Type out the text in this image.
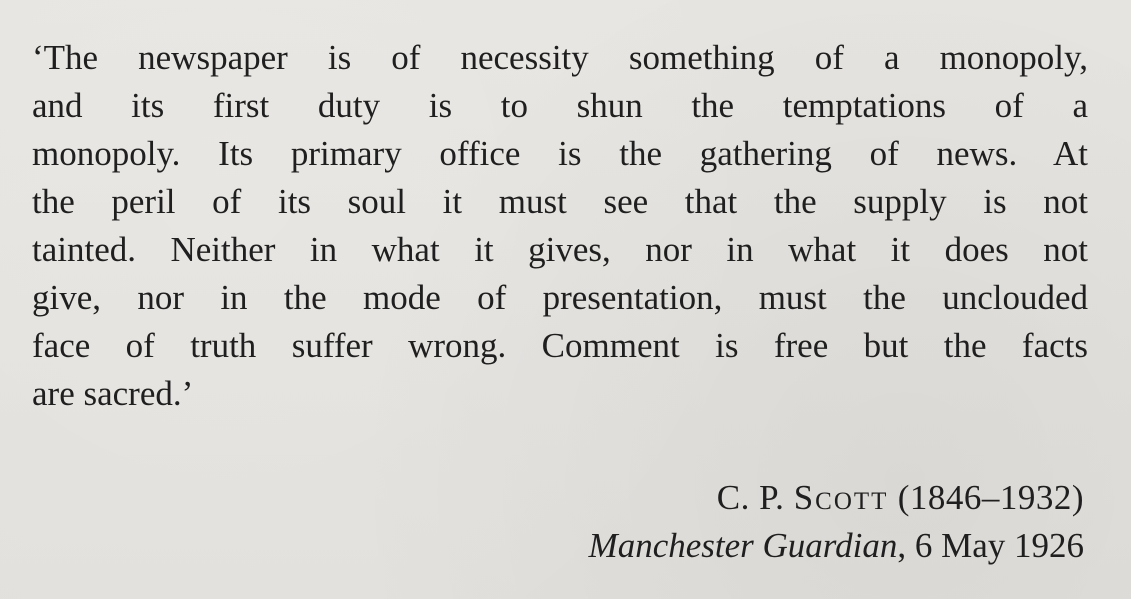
‘The newspaper is of necessity something of a monopoly,
and its first duty is to shun the temptations of a
monopoly. Its primary office is the gathering of news. At
the peril of its soul it must see that the supply is not
tainted. Neither in what it gives, nor in what it does not
give, nor in the mode of presentation, must the unclouded
face of truth suffer wrong. Comment is free but the facts
are sacred.’
C. P. Scott (1846–1932)
Manchester Guardian, 6 May 1926
